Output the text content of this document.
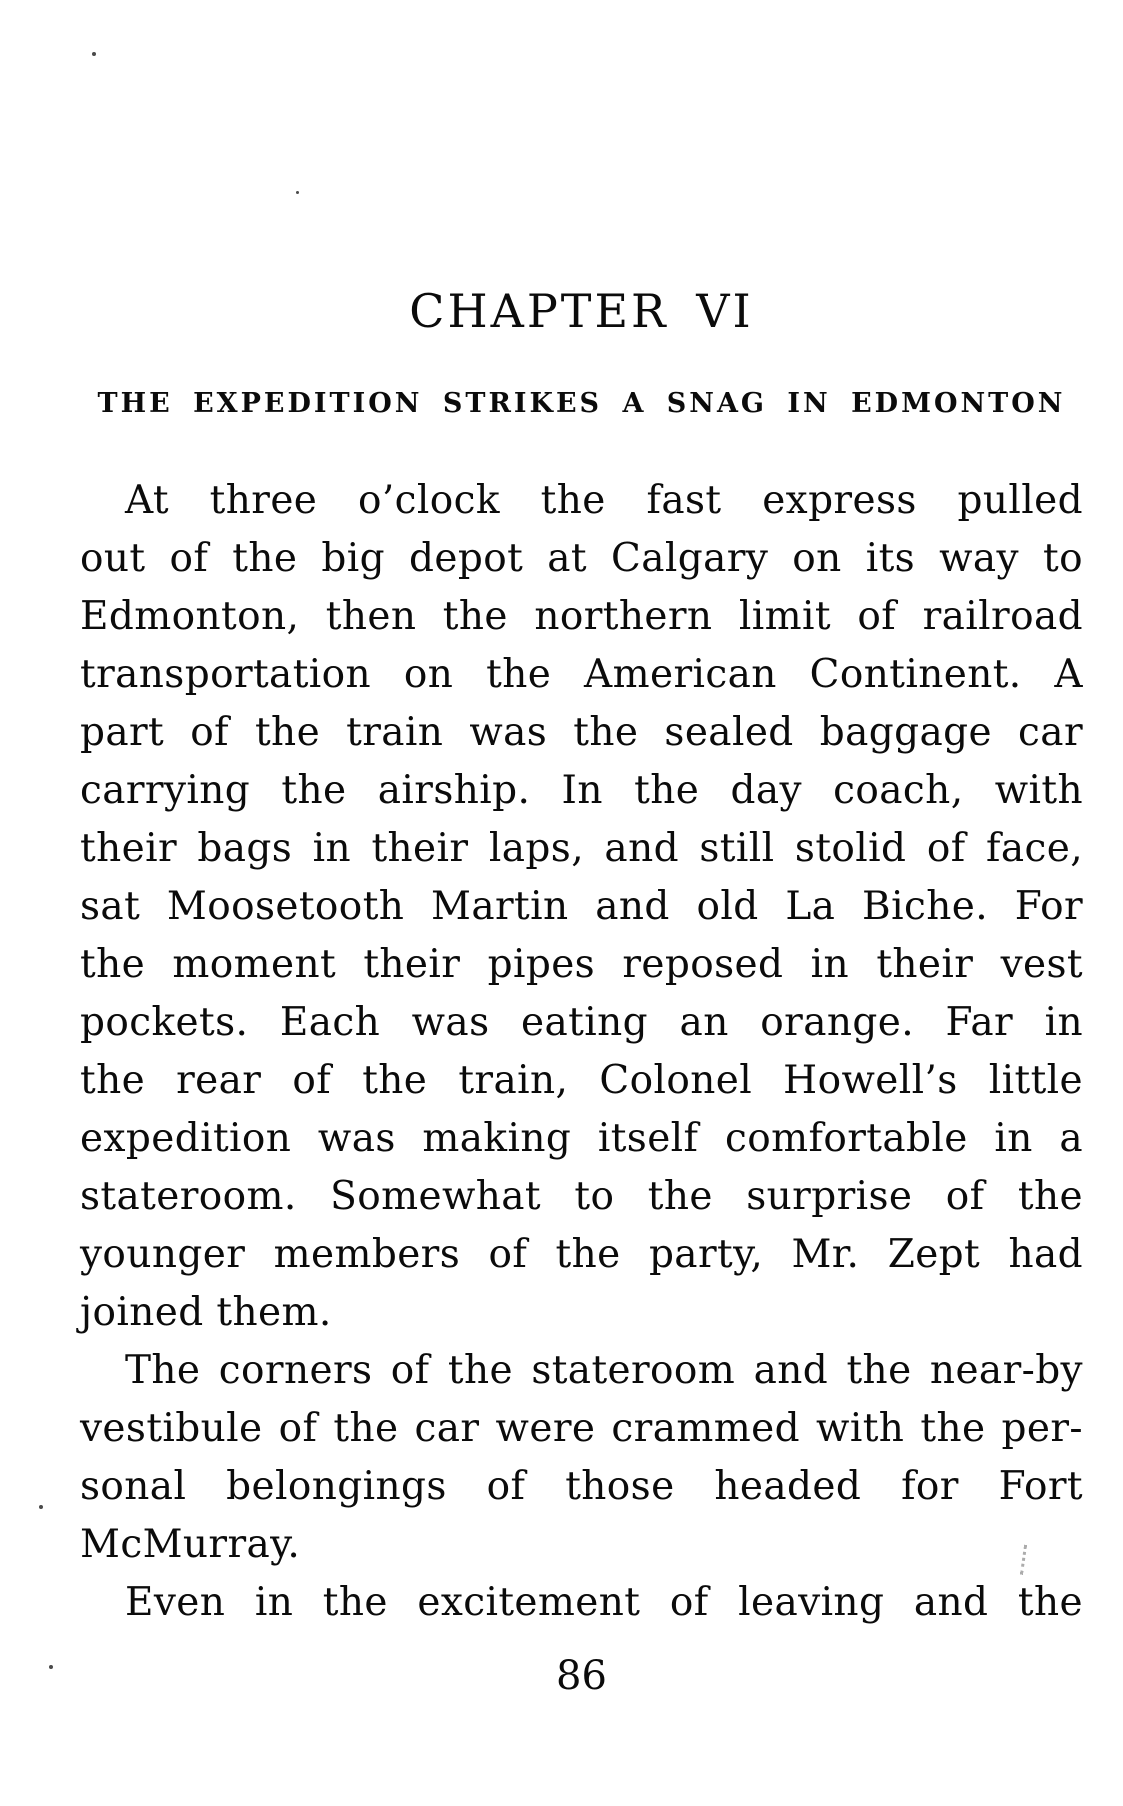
CHAPTER VI
THE EXPEDITION STRIKES A SNAG IN EDMONTON
At three o’clock the fast express pulled
out of the big depot at Calgary on its way to
Edmonton, then the northern limit of railroad
transportation on the American Continent. A
part of the train was the sealed baggage car
carrying the airship. In the day coach, with
their bags in their laps, and still stolid of face,
sat Moosetooth Martin and old La Biche. For
the moment their pipes reposed in their vest
pockets. Each was eating an orange. Far in
the rear of the train, Colonel Howell’s little
expedition was making itself comfortable in a
stateroom. Somewhat to the surprise of the
younger members of the party, Mr. Zept had
joined them.
The corners of the stateroom and the near-by
vestibule of the car were crammed with the per-
sonal belongings of those headed for Fort
McMurray.
Even in the excitement of leaving and the
86
